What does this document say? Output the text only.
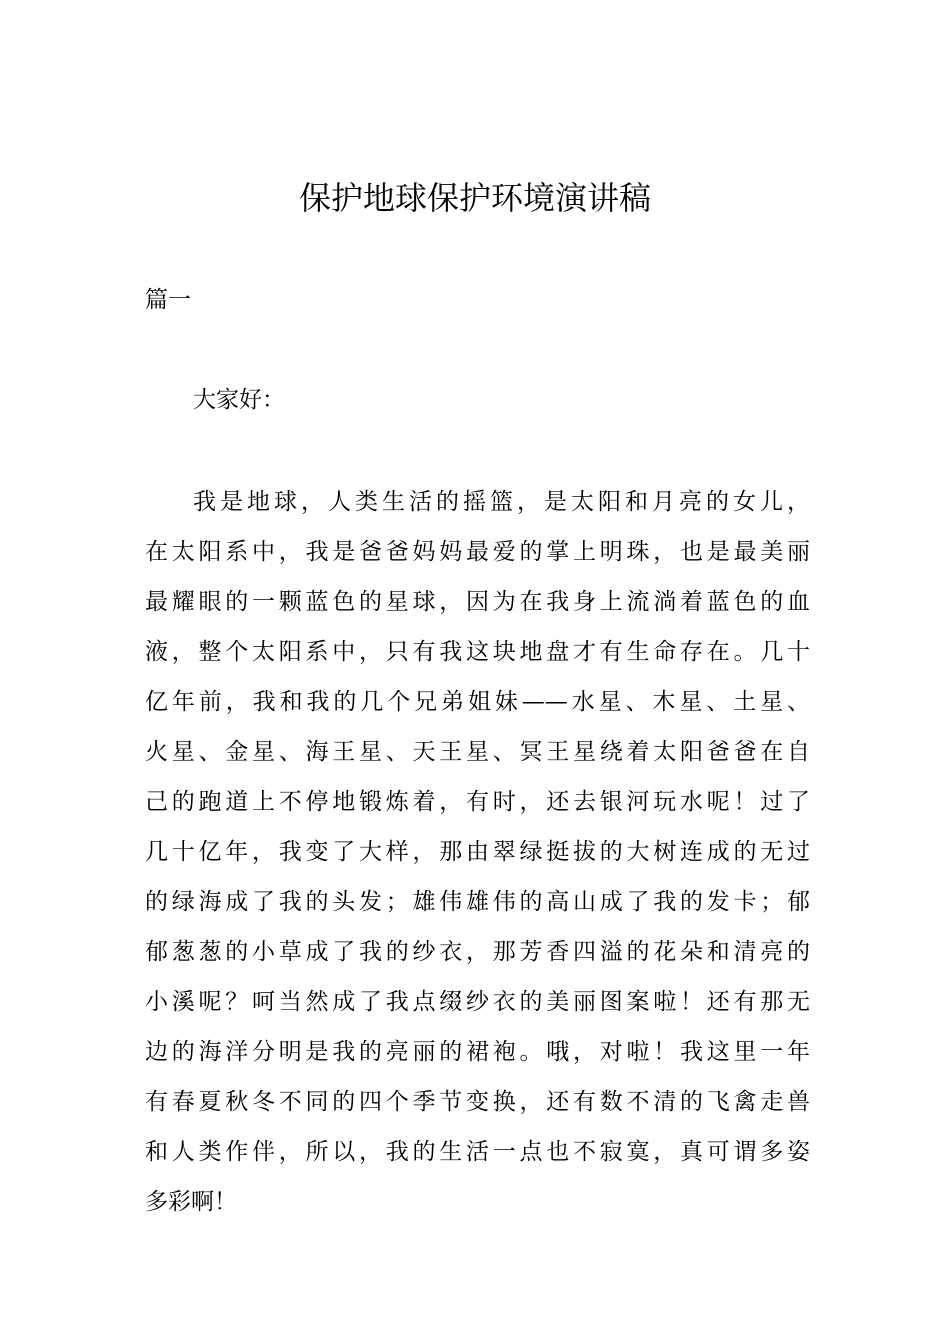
保护地球保护环境演讲稿

篇一

大家好：

我是地球，人类生活的摇篮，是太阳和月亮的女儿，
在太阳系中，我是爸爸妈妈最爱的掌上明珠，也是最美丽
最耀眼的一颗蓝色的星球，因为在我身上流淌着蓝色的血
液，整个太阳系中，只有我这块地盘才有生命存在。几十
亿年前，我和我的几个兄弟姐妹——水星、木星、土星、
火星、金星、海王星、天王星、冥王星绕着太阳爸爸在自
己的跑道上不停地锻炼着，有时，还去银河玩水呢！过了
几十亿年，我变了大样，那由翠绿挺拔的大树连成的无过
的绿海成了我的头发；雄伟雄伟的高山成了我的发卡；郁
郁葱葱的小草成了我的纱衣，那芳香四溢的花朵和清亮的
小溪呢？呵当然成了我点缀纱衣的美丽图案啦！还有那无
边的海洋分明是我的亮丽的裙袍。哦，对啦！我这里一年
有春夏秋冬不同的四个季节变换，还有数不清的飞禽走兽
和人类作伴，所以，我的生活一点也不寂寞，真可谓多姿
多彩啊！
